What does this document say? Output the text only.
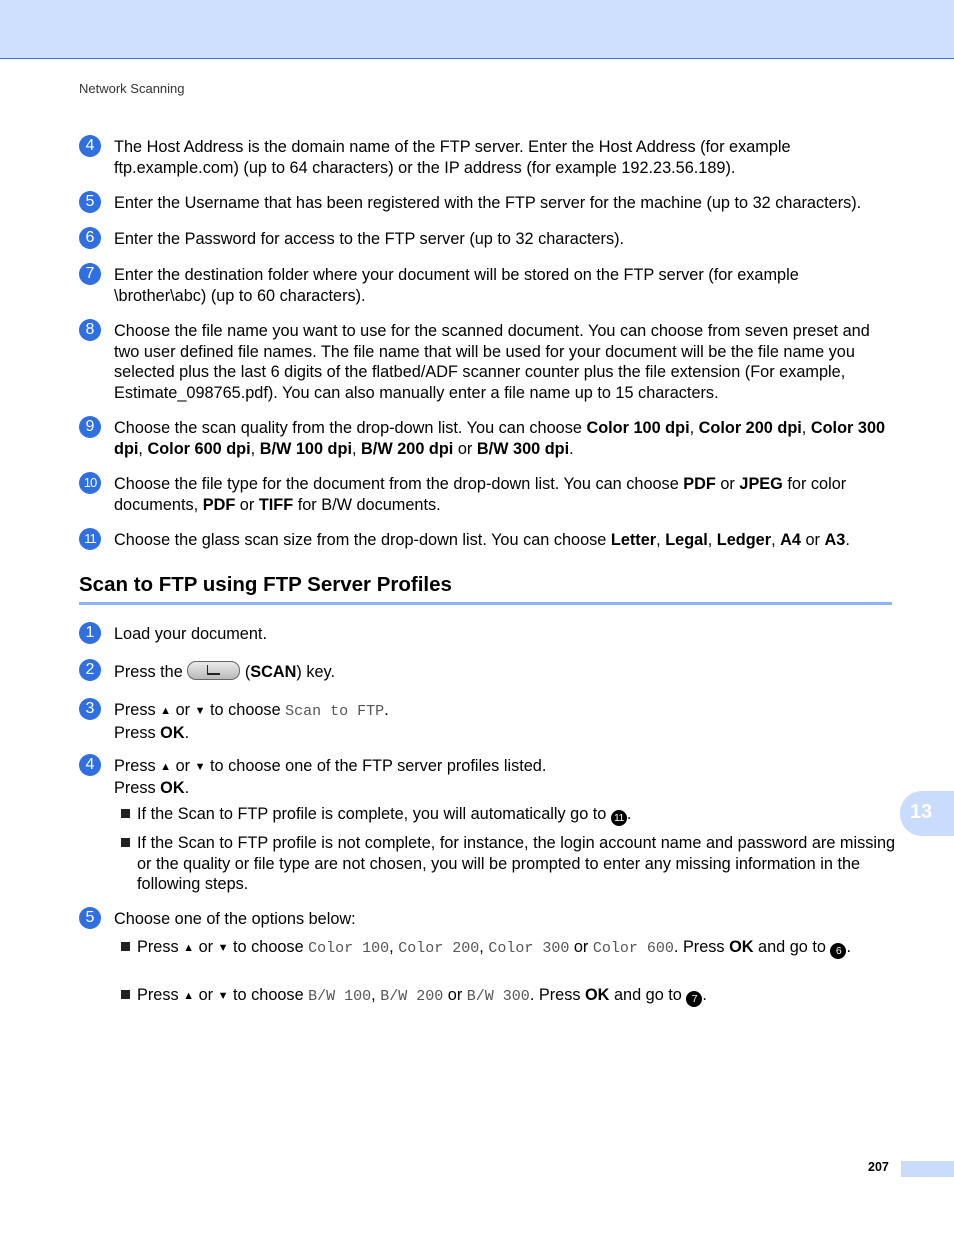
Network Scanning
4	The Host Address is the domain name of the FTP server. Enter the Host Address (for example ftp.example.com) (up to 64 characters) or the IP address (for example 192.23.56.189).
5	Enter the Username that has been registered with the FTP server for the machine (up to 32 characters).
6	Enter the Password for access to the FTP server (up to 32 characters).
7	Enter the destination folder where your document will be stored on the FTP server (for example \brother\abc) (up to 60 characters).
8	Choose the file name you want to use for the scanned document. You can choose from seven preset and two user defined file names. The file name that will be used for your document will be the file name you selected plus the last 6 digits of the flatbed/ADF scanner counter plus the file extension (For example, Estimate_098765.pdf). You can also manually enter a file name up to 15 characters.
9	Choose the scan quality from the drop-down list. You can choose Color 100 dpi, Color 200 dpi, Color 300 dpi, Color 600 dpi, B/W 100 dpi, B/W 200 dpi or B/W 300 dpi.
10 Choose the file type for the document from the drop-down list. You can choose PDF or JPEG for color documents, PDF or TIFF for B/W documents.
11	Choose the glass scan size from the drop-down list. You can choose Letter, Legal, Ledger, A4 or A3.
Scan to FTP using FTP Server Profiles
1	Load your document.
2	Press the	(SCAN) key.
3	Press ▲ or ▼ to choose Scan to FTP.
Press OK.
4	Press ▲ or ▼ to choose one of the FTP server profiles listed.
Press OK.
If the Scan to FTP profile is complete, you will automatically go to 11 .
If the Scan to FTP profile is not complete, for instance, the login account name and password are missing or the quality or file type are not chosen, you will be prompted to enter any missing information in the following steps.
5	Choose one of the options below:
Press ▲ or ▼ to choose Color 100, Color 200, Color 300 or Color 600. Press OK and go to 6 .
Press ▲ or ▼ to choose B/W 100, B/W 200 or B/W 300. Press OK and go to 7 .
13
207
